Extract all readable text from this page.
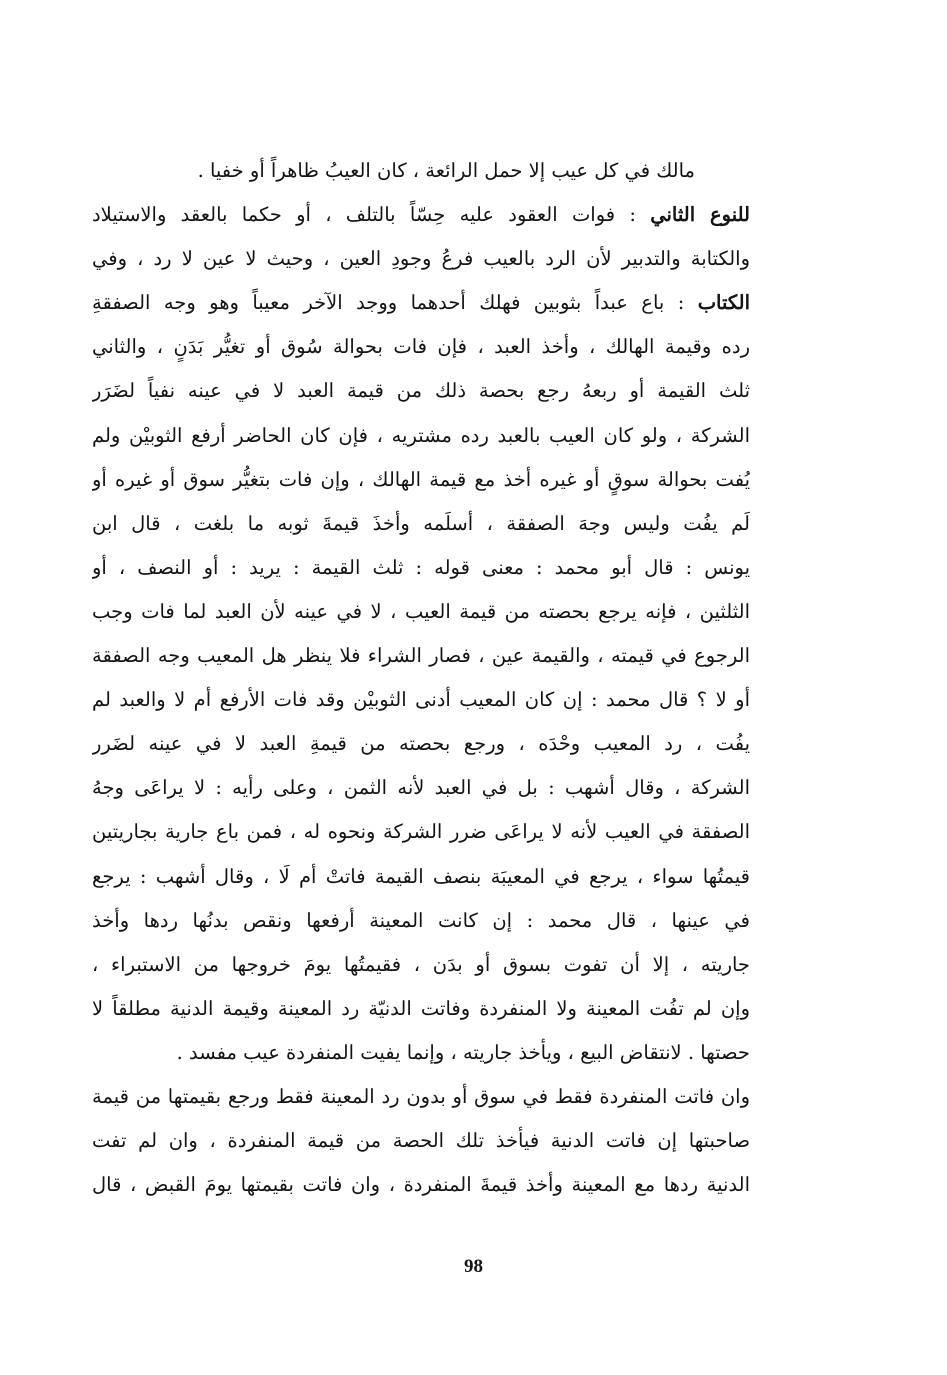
مالك في كل عيب إلا حمل الرائعة ، كان العيبُ ظاهراً أو خفيا .
للنوع الثاني : فوات العقود عليه حِسّاً بالتلف ، أو حكما بالعقد والاستيلاد
والكتابة والتدبير لأن الرد بالعيب فرعُ وجودِ العين ، وحيث لا عين لا رد ، وفي
الكتاب : باع عبداً بثوبين فهلك أحدهما ووجد الآخر معيباً وهو وجه الصفقةِ
رده وقيمة الهالك ، وأخذ العبد ، فإن فات بحوالة سُوق أو تغيُّر بَدَنٍ ، والثاني
ثلث القيمة أو ربعهُ رجع بحصة ذلك من قيمة العبد لا في عينه نفياً لضَرَر
الشركة ، ولو كان العيب بالعبد رده مشتريه ، فإن كان الحاضر أرفع الثوبيْن ولم
يُفت بحوالة سوقٍ أو غيره أخذ مع قيمة الهالك ، وإن فات بتغيُّر سوق أو غيره أو
لَم يفُت وليس وجهَ الصفقة ، أسلَمه وأخذَ قيمةَ ثوبه ما بلغت ، قال ابن
يونس : قال أبو محمد : معنى قوله : ثلث القيمة : يريد : أو النصف ، أو
الثلثين ، فإنه يرجع بحصته من قيمة العيب ، لا في عينه لأن العبد لما فات وجب
الرجوع في قيمته ، والقيمة عين ، فصار الشراء فلا ينظر هل المعيب وجه الصفقة
أو لا ؟ قال محمد : إن كان المعيب أدنى الثوبيْن وقد فات الأرفع أم لا والعبد لم
يفُت ، رد المعيب وحْدَه ، ورجع بحصته من قيمةِ العبد لا في عينه لضَرر
الشركة ، وقال أشهب : بل في العبد لأنه الثمن ، وعلى رأيه : لا يراعَى وجهُ
الصفقة في العيب لأنه لا يراعَى ضرر الشركة ونحوه له ، فمن باع جارية بجاريتين
قيمتُها سواء ، يرجع في المعيبَة بنصف القيمة فاتتْ أم لَا ، وقال أشهب : يرجع
في عينها ، قال محمد : إن كانت المعينة أرفعها ونقص بدنُها ردها وأخذ
جاريته ، إلا أن تفوت بسوق أو بدَن ، فقيمتُها يومَ خروجها من الاستبراء ،
وإن لم تفُت المعينة ولا المنفردة وفاتت الدنيّة رد المعينة وقيمة الدنية مطلقاً لا
حصتها . لانتقاض البيع ، ويأخذ جاريته ، وإنما يفيت المنفردة عيب مفسد .
وان فاتت المنفردة فقط في سوق أو بدون رد المعينة فقط ورجع بقيمتها من قيمة
صاحبتها إن فاتت الدنية فيأخذ تلك الحصة من قيمة المنفردة ، وان لم تفت
الدنية ردها مع المعينة وأخذ قيمةَ المنفردة ، وان فاتت بقيمتها يومَ القبض ، قال
98
